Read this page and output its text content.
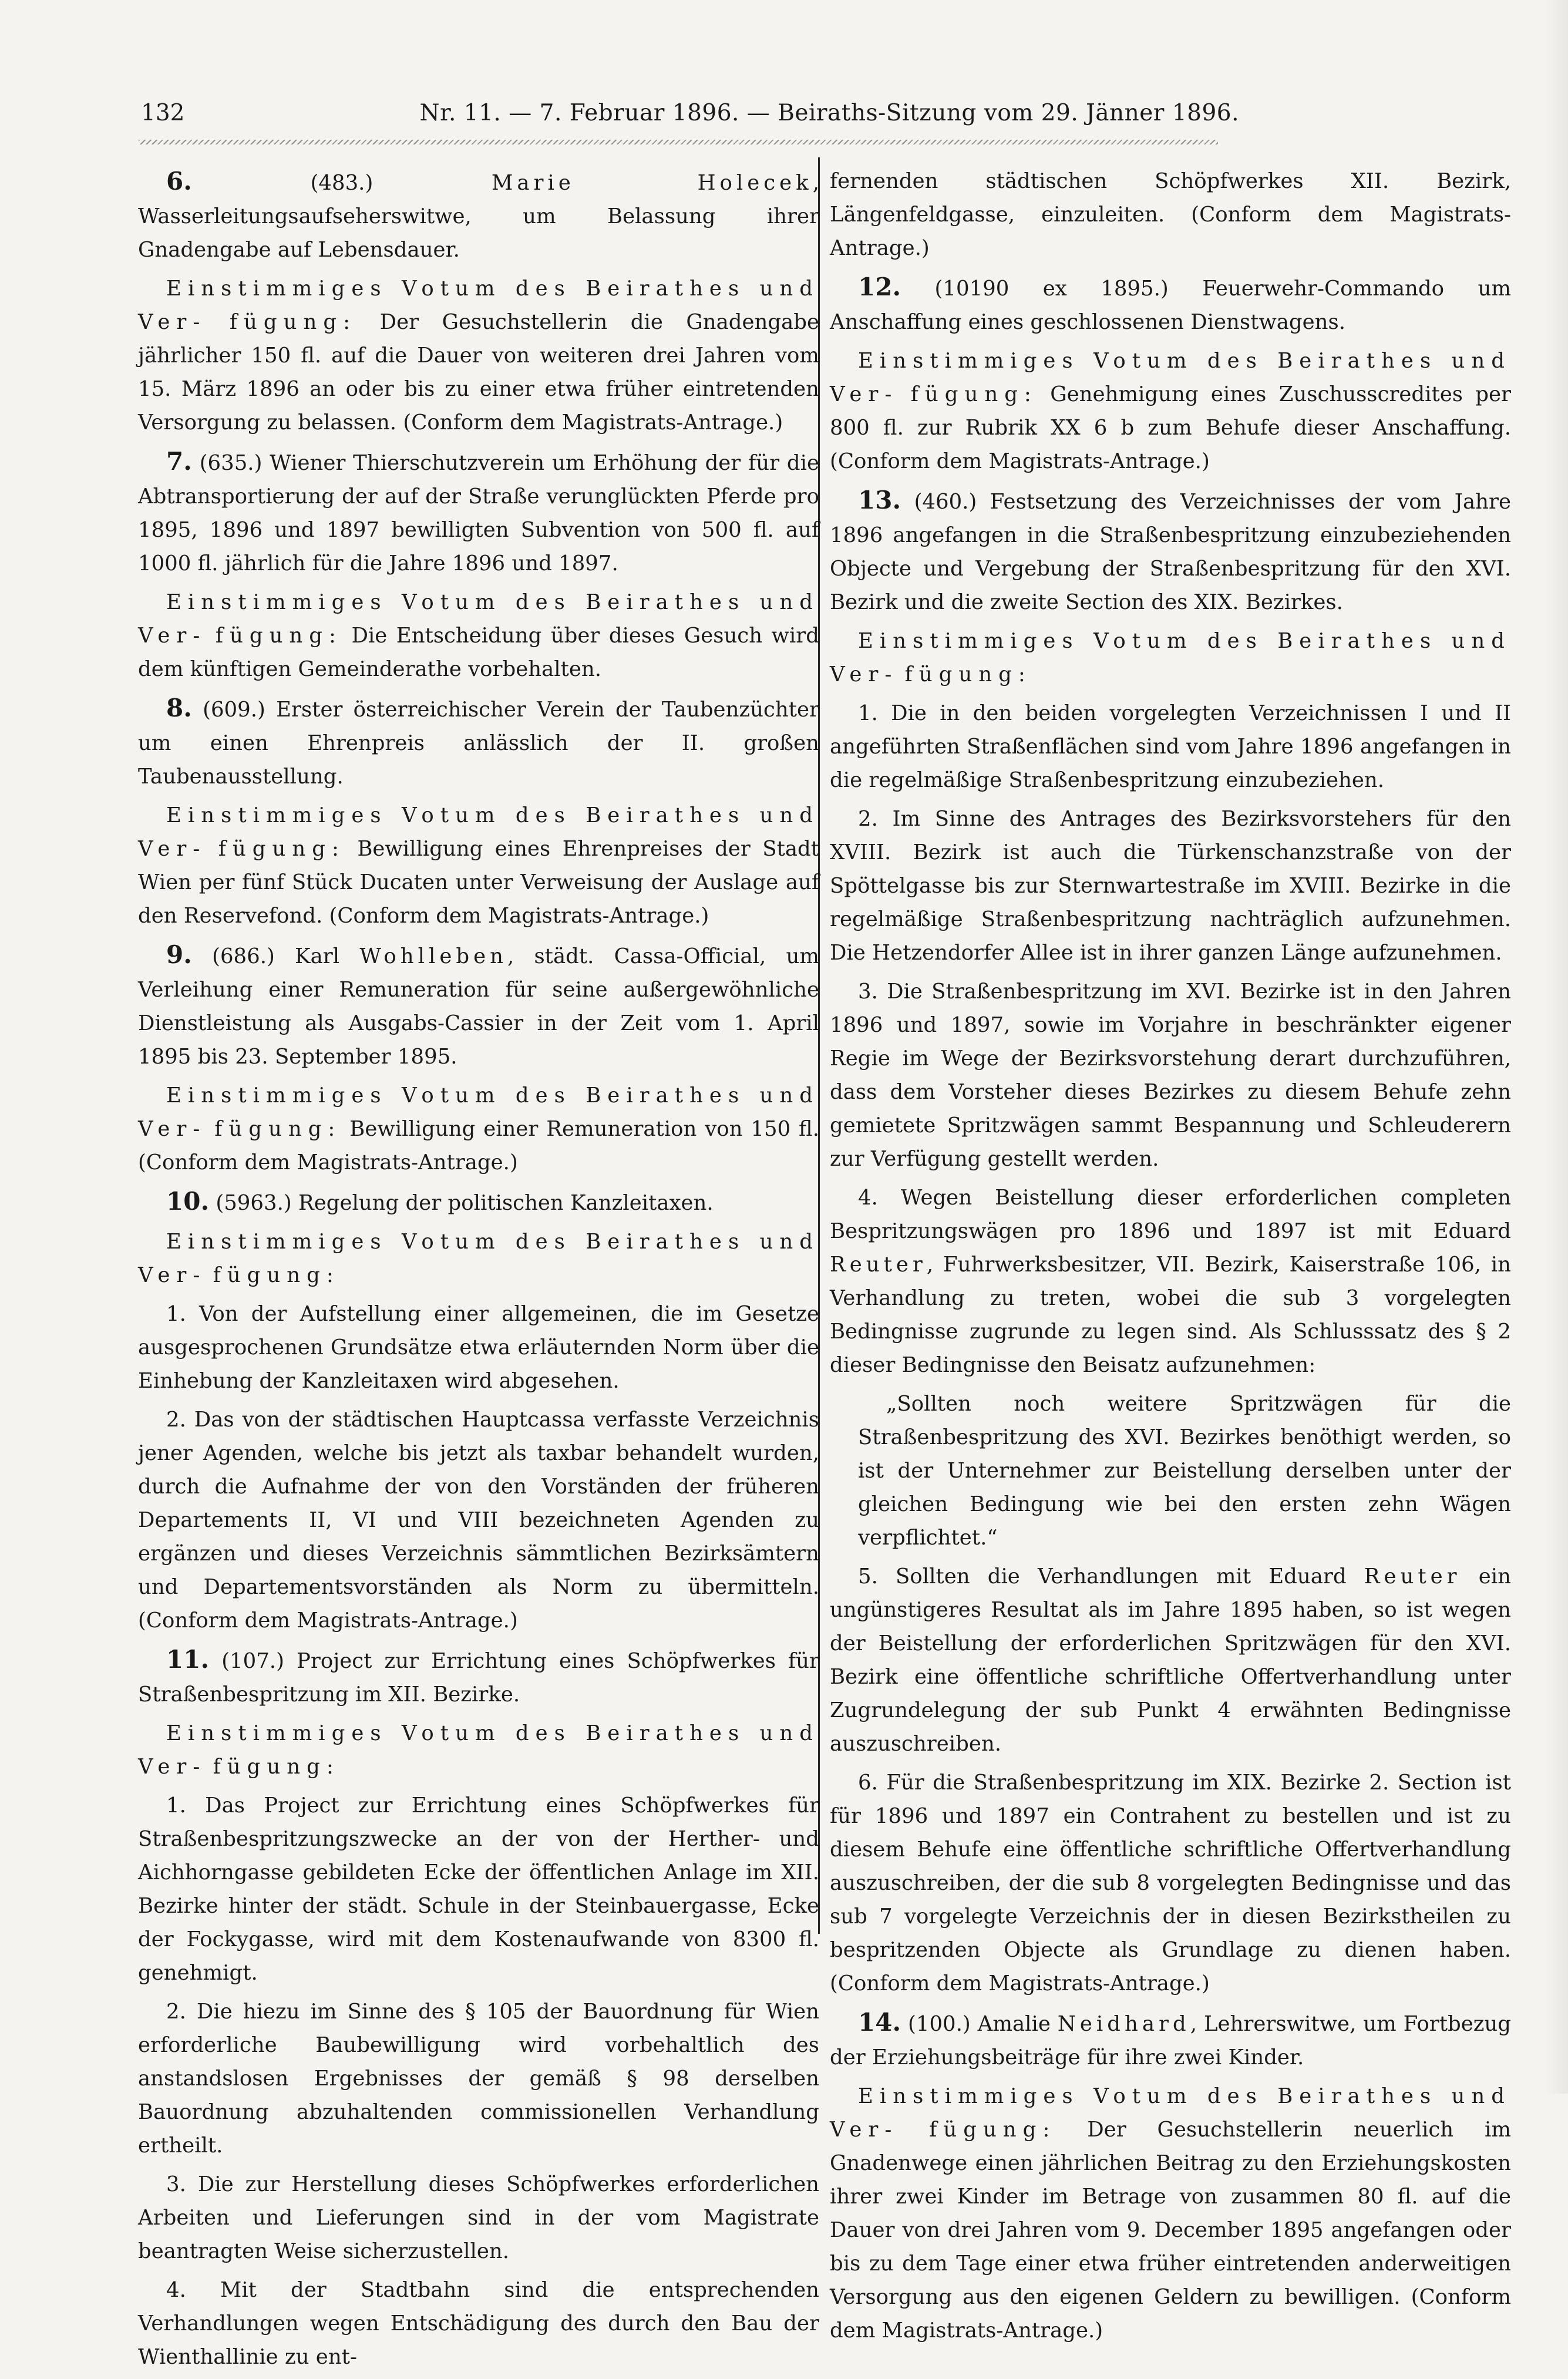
132	Nr. 11. — 7. Februar 1896. — Beiraths-Sitzung vom 29. Jänner 1896.

6.	(483.)	Marie Holecek, Wasserleitungsaufseherswitwe, um Belassung ihrer Gnadengabe auf Lebensdauer.

Einstimmiges Votum des Beirathes und Ver- fügung: Der Gesuchstellerin die Gnadengabe jährlicher 150 fl. auf die Dauer von weiteren drei Jahren vom 15. März 1896 an oder bis zu einer etwa früher eintretenden Versorgung zu belassen. (Conform dem Magistrats-Antrage.)

7. (635.) Wiener Thierschutzverein um Erhöhung der für die Abtransportierung der auf der Straße verunglückten Pferde pro 1895, 1896 und 1897 bewilligten Subvention von 500 fl. auf 1000 fl. jährlich für die Jahre 1896 und 1897.

Einstimmiges Votum des Beirathes und Ver- fügung: Die Entscheidung über dieses Gesuch wird dem künftigen Gemeinderathe vorbehalten.

8. (609.) Erster österreichischer Verein der Taubenzüchter um einen Ehrenpreis anlässlich der II. großen Taubenausstellung.

Einstimmiges Votum des Beirathes und Ver- fügung: Bewilligung eines Ehrenpreises der Stadt Wien per fünf Stück Ducaten unter Verweisung der Auslage auf den Reservefond. (Conform dem Magistrats-Antrage.)

9. (686.) Karl Wohlleben, städt. Cassa-Official, um Verleihung einer Remuneration für seine außergewöhnliche Dienstleistung als Ausgabs-Cassier in der Zeit vom 1. April 1895 bis 23. September 1895.

Einstimmiges Votum des Beirathes und Ver- fügung: Bewilligung einer Remuneration von 150 fl. (Conform dem Magistrats-Antrage.)

10. (5963.) Regelung der politischen Kanzleitaxen.

Einstimmiges Votum des Beirathes und Ver- fügung:

1. Von der Aufstellung einer allgemeinen, die im Gesetze ausgesprochenen Grundsätze etwa erläuternden Norm über die Einhebung der Kanzleitaxen wird abgesehen.

2. Das von der städtischen Hauptcassa verfasste Verzeichnis jener Agenden, welche bis jetzt als taxbar behandelt wurden, durch die Aufnahme der von den Vorständen der früheren Departements II, VI und VIII bezeichneten Agenden zu ergänzen und dieses Verzeichnis sämmtlichen Bezirksämtern und Departementsvorständen als Norm zu übermitteln. (Conform dem Magistrats-Antrage.)

11. (107.) Project zur Errichtung eines Schöpfwerkes für Straßenbespritzung im XII. Bezirke.

Einstimmiges Votum des Beirathes und Ver- fügung:

1. Das Project zur Errichtung eines Schöpfwerkes für Straßenbespritzungszwecke an der von der Herther- und Aichhorngasse gebildeten Ecke der öffentlichen Anlage im XII. Bezirke hinter der städt. Schule in der Steinbauergasse, Ecke der Fockygasse, wird mit dem Kostenaufwande von 8300 fl. genehmigt.

2. Die hiezu im Sinne des § 105 der Bauordnung für Wien erforderliche Baubewilligung wird vorbehaltlich des anstandslosen Ergebnisses der gemäß § 98 derselben Bauordnung abzuhaltenden commissionellen Verhandlung ertheilt.

3. Die zur Herstellung dieses Schöpfwerkes erforderlichen Arbeiten und Lieferungen sind in der vom Magistrate beantragten Weise sicherzustellen.

4. Mit der Stadtbahn sind die entsprechenden Verhandlungen wegen Entschädigung des durch den Bau der Wienthallinie zu ent-

fernenden städtischen Schöpfwerkes XII. Bezirk, Längenfeldgasse, einzuleiten. (Conform dem Magistrats-Antrage.)

12. (10190 ex 1895.) Feuerwehr-Commando um Anschaffung eines geschlossenen Dienstwagens.

Einstimmiges Votum des Beirathes und Ver- fügung: Genehmigung eines Zuschusscredites per 800 fl. zur Rubrik XX 6 b zum Behufe dieser Anschaffung. (Conform dem Magistrats-Antrage.)

13. (460.) Festsetzung des Verzeichnisses der vom Jahre 1896 angefangen in die Straßenbespritzung einzubeziehenden Objecte und Vergebung der Straßenbespritzung für den XVI. Bezirk und die zweite Section des XIX. Bezirkes.

Einstimmiges Votum des Beirathes und Ver- fügung:

1. Die in den beiden vorgelegten Verzeichnissen I und II angeführten Straßenflächen sind vom Jahre 1896 angefangen in die regelmäßige Straßenbespritzung einzubeziehen.

2. Im Sinne des Antrages des Bezirksvorstehers für den XVIII. Bezirk ist auch die Türkenschanzstraße von der Spöttelgasse bis zur Sternwartestraße im XVIII. Bezirke in die regelmäßige Straßenbespritzung nachträglich aufzunehmen. Die Hetzendorfer Allee ist in ihrer ganzen Länge aufzunehmen.

3. Die Straßenbespritzung im XVI. Bezirke ist in den Jahren 1896 und 1897, sowie im Vorjahre in beschränkter eigener Regie im Wege der Bezirksvorstehung derart durchzuführen, dass dem Vorsteher dieses Bezirkes zu diesem Behufe zehn gemietete Spritzwägen sammt Bespannung und Schleuderern zur Verfügung gestellt werden.

4. Wegen Beistellung dieser erforderlichen completen Bespritzungswägen pro 1896 und 1897 ist mit Eduard Reuter, Fuhrwerksbesitzer, VII. Bezirk, Kaiserstraße 106, in Verhandlung zu treten, wobei die sub 3 vorgelegten Bedingnisse zugrunde zu legen sind. Als Schlusssatz des § 2 dieser Bedingnisse den Beisatz aufzunehmen:

„Sollten noch weitere Spritzwägen für die Straßenbespritzung des XVI. Bezirkes benöthigt werden, so ist der Unternehmer zur Beistellung derselben unter der gleichen Bedingung wie bei den ersten zehn Wägen verpflichtet.“

5. Sollten die Verhandlungen mit Eduard Reuter ein ungünstigeres Resultat als im Jahre 1895 haben, so ist wegen der Beistellung der erforderlichen Spritzwägen für den XVI. Bezirk eine öffentliche schriftliche Offertverhandlung unter Zugrundelegung der sub Punkt 4 erwähnten Bedingnisse auszuschreiben.

6. Für die Straßenbespritzung im XIX. Bezirke 2. Section ist für 1896 und 1897 ein Contrahent zu bestellen und ist zu diesem Behufe eine öffentliche schriftliche Offertverhandlung auszuschreiben, der die sub 8 vorgelegten Bedingnisse und das sub 7 vorgelegte Verzeichnis der in diesen Bezirkstheilen zu bespritzenden Objecte als Grundlage zu dienen haben. (Conform dem Magistrats-Antrage.)

14. (100.) Amalie Neidhard, Lehrerswitwe, um Fortbezug der Erziehungsbeiträge für ihre zwei Kinder.

Einstimmiges Votum des Beirathes und Ver- fügung: Der Gesuchstellerin neuerlich im Gnadenwege einen jährlichen Beitrag zu den Erziehungskosten ihrer zwei Kinder im Betrage von zusammen 80 fl. auf die Dauer von drei Jahren vom 9. December 1895 angefangen oder bis zu dem Tage einer etwa früher eintretenden anderweitigen Versorgung aus den eigenen Geldern zu bewilligen. (Conform dem Magistrats-Antrage.)
